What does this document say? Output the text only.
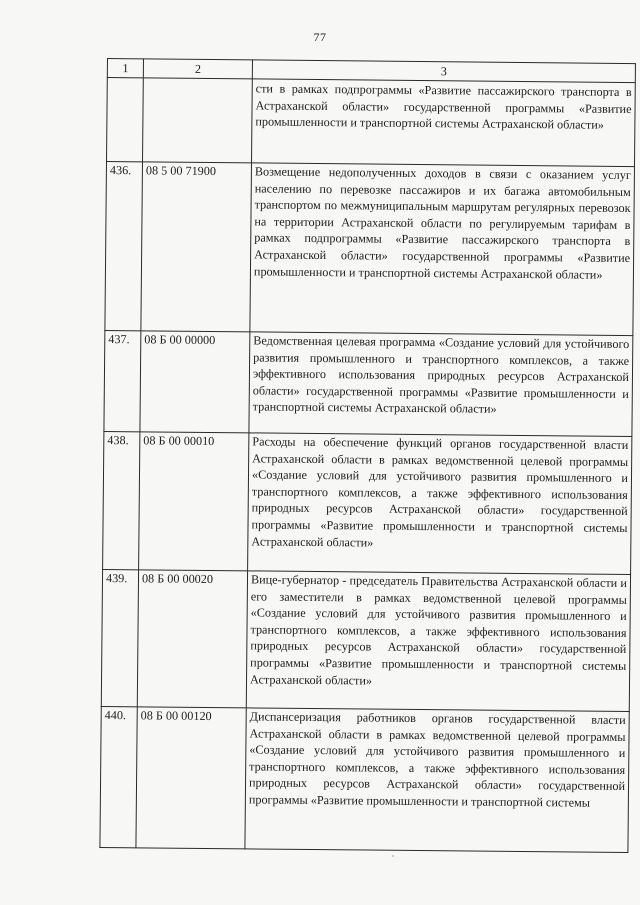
77
1	2	3
		сти в рамках подпрограммы «Развитие пассажирского транспорта в Астраханской области» государственной программы «Развитие промышленности и транспортной системы Астраханской области»
436.	08 5 00 71900	Возмещение недополученных доходов в связи с оказанием услуг населению по перевозке пассажиров и их багажа автомобильным транспортом по межмуниципальным маршрутам регулярных перевозок на территории Астраханской области по регулируемым тарифам в рамках подпрограммы «Развитие пассажирского транспорта в Астраханской области» государственной программы «Развитие промышленности и транспортной системы Астраханской области»
437.	08 Б 00 00000	Ведомственная целевая программа «Создание условий для устойчивого развития промышленного и транспортного комплексов, а также эффективного использования природных ресурсов Астраханской области» государственной программы «Развитие промышленности и транспортной системы Астраханской области»
438.	08 Б 00 00010	Расходы на обеспечение функций органов государственной власти Астраханской области в рамках ведомственной целевой программы «Создание условий для устойчивого развития промышленного и транспортного комплексов, а также эффективного использования природных ресурсов Астраханской области» государственной программы «Развитие промышленности и транспортной системы Астраханской области»
439.	08 Б 00 00020	Вице-губернатор - председатель Правительства Астраханской области и его заместители в рамках ведомственной целевой программы «Создание условий для устойчивого развития промышленного и транспортного комплексов, а также эффективного использования природных ресурсов Астраханской области» государственной программы «Развитие промышленности и транспортной системы Астраханской области»
440.	08 Б 00 00120	Диспансеризация работников органов государственной власти Астраханской области в рамках ведомственной целевой программы «Создание условий для устойчивого развития промышленного и транспортного комплексов, а также эффективного использования природных ресурсов Астраханской области» государственной программы «Развитие промышленности и транспортной системы
